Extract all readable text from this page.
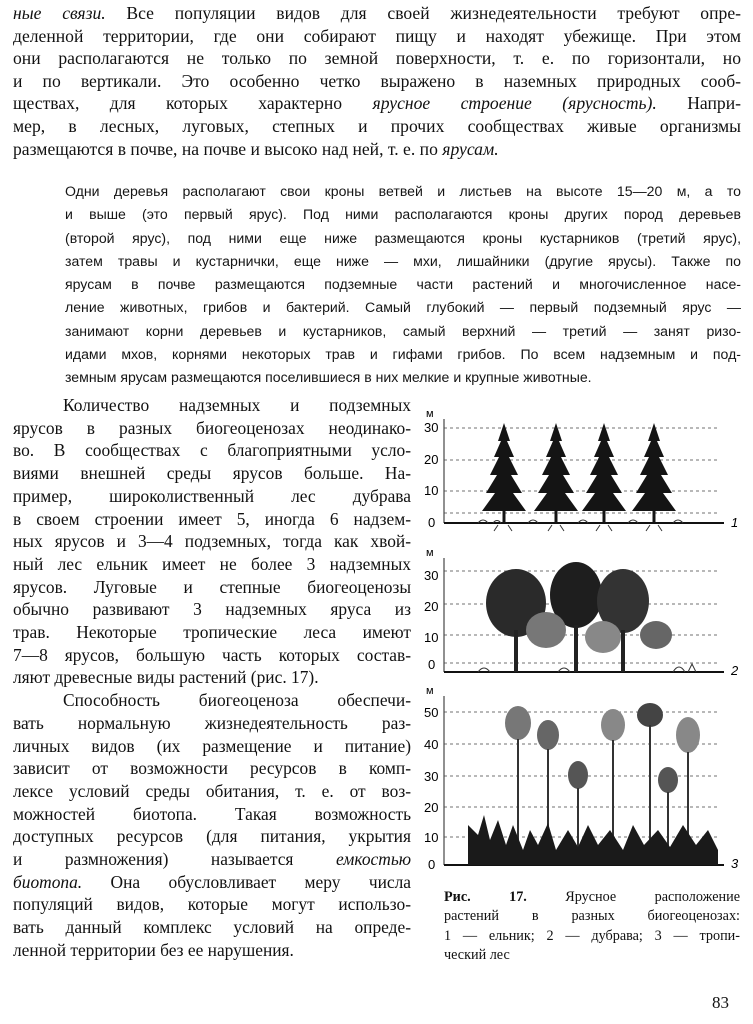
ные связи. Все популяции видов для своей жизнедеятельности требуют опре-
деленной территории, где они собирают пищу и находят убежище. При этом
они располагаются не только по земной поверхности, т. е. по горизонтали, но
и по вертикали. Это особенно четко выражено в наземных природных сооб-
ществах, для которых характерно ярусное строение (ярусность). Напри-
мер, в лесных, луговых, степных и прочих сообществах живые организмы
размещаются в почве, на почве и высоко над ней, т. е. по ярусам.
Одни деревья располагают свои кроны ветвей и листьев на высоте 15—20 м, а то
и выше (это первый ярус). Под ними располагаются кроны других пород деревьев
(второй ярус), под ними еще ниже размещаются кроны кустарников (третий ярус),
затем травы и кустарнички, еще ниже — мхи, лишайники (другие ярусы). Также по
ярусам в почве размещаются подземные части растений и многочисленное насе-
ление животных, грибов и бактерий. Самый глубокий — первый подземный ярус —
занимают корни деревьев и кустарников, самый верхний — третий — занят ризо-
идами мхов, корнями некоторых трав и гифами грибов. По всем надземным и под-
земным ярусам размещаются поселившиеся в них мелкие и крупные животные.
Количество надземных и подземных
ярусов в разных биогеоценозах неодинако-
во. В сообществах с благоприятными усло-
виями внешней среды ярусов больше. На-
пример, широколиственный лес дубрава
в своем строении имеет 5, иногда 6 надзем-
ных ярусов и 3—4 подземных, тогда как хвой-
ный лес ельник имеет не более 3 надземных
ярусов. Луговые и степные биогеоценозы
обычно развивают 3 надземных яруса из
трав. Некоторые тропические леса имеют
7—8 ярусов, большую часть которых состав-
ляют древесные виды растений (рис. 17).
Способность биогеоценоза обеспечи-
вать нормальную жизнедеятельность раз-
личных видов (их размещение и питание)
зависит от возможности ресурсов в комп-
лексе условий среды обитания, т. е. от воз-
можностей биотопа. Такая возможность
доступных ресурсов (для питания, укрытия
и размножения) называется емкостью
биотопа. Она обусловливает меру числа
популяций видов, которые могут использо-
вать данный комплекс условий на опреде-
ленной территории без ее нарушения.
м
30
20
10
0	1
м
30
20
10
0	2
м
50
40
30
20
10
0	3
Рис. 17. Ярусное расположение
растений в разных биогеоценозах:
1 — ельник; 2 — дубрава; 3 — тропи-
ческий лес
83
